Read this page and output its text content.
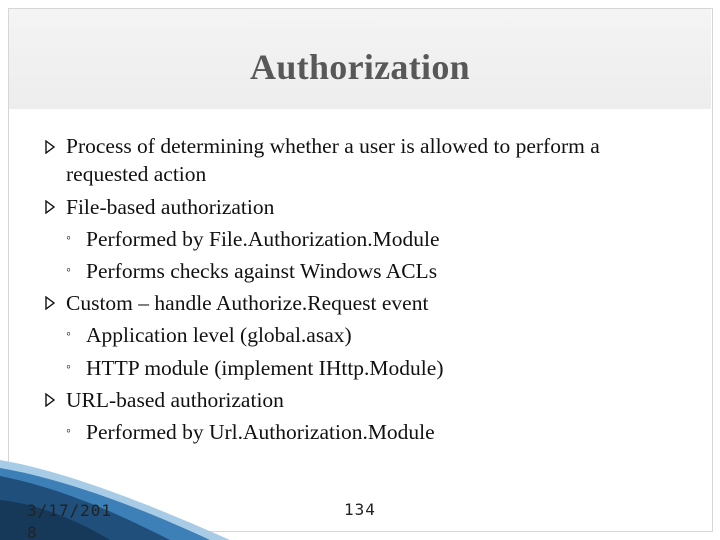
Authorization
Process of determining whether a user is allowed to perform a
requested action
File-based authorization
◦ Performed by File.Authorization.Module
◦ Performs checks against Windows ACLs
Custom – handle Authorize.Request event
◦ Application level (global.asax)
◦ HTTP module (implement IHttp.Module)
URL-based authorization
◦ Performed by Url.Authorization.Module
3/17/2018
134
